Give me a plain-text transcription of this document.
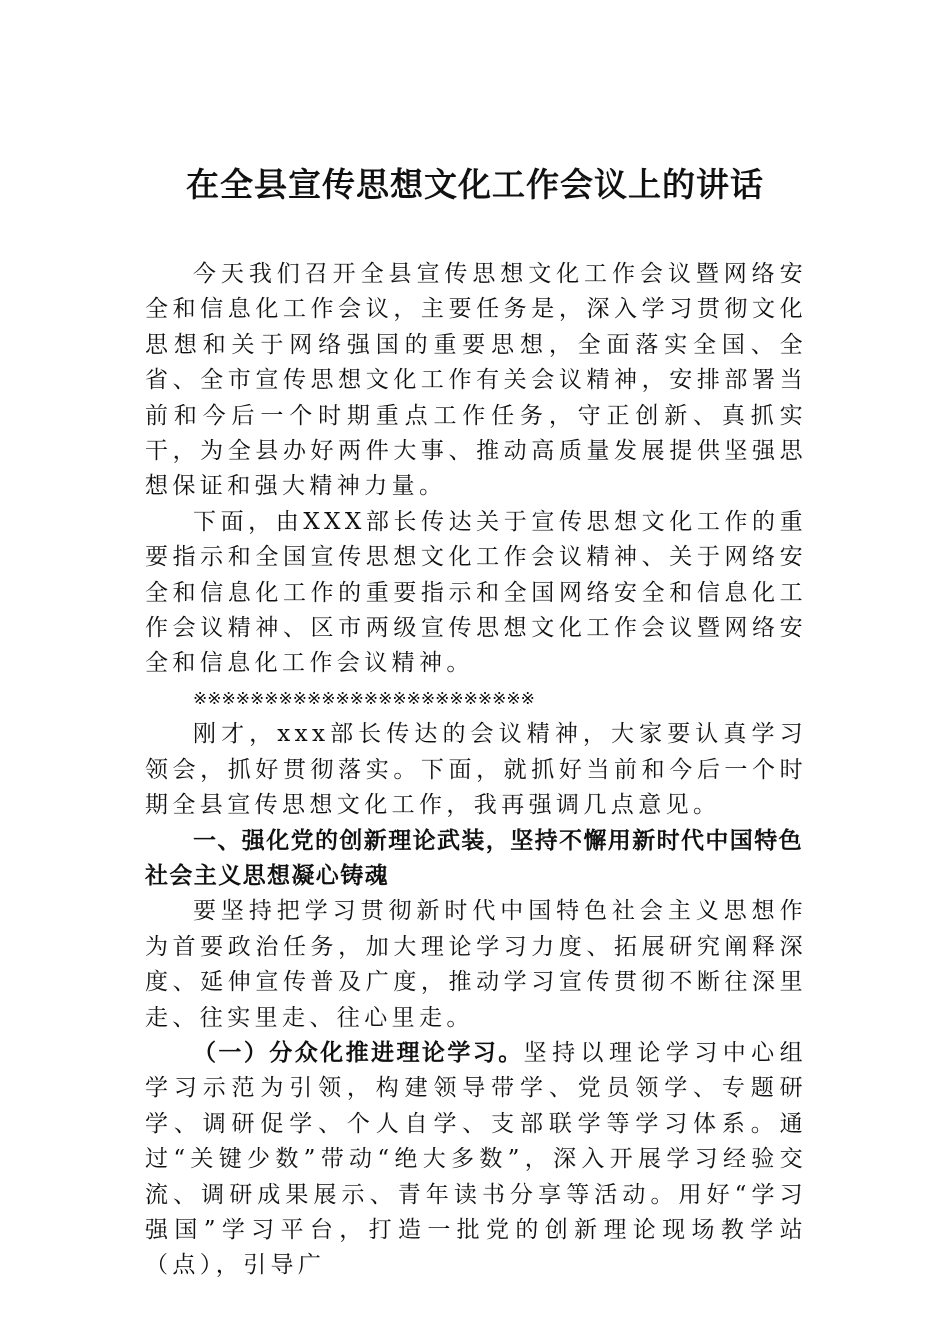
在全县宣传思想文化工作会议上的讲话

今天我们召开全县宣传思想文化工作会议暨网络安全和信息化工作会议，主要任务是，深入学习贯彻文化思想和关于网络强国的重要思想，全面落实全国、全省、全市宣传思想文化工作有关会议精神，安排部署当前和今后一个时期重点工作任务，守正创新、真抓实干，为全县办好两件大事、推动高质量发展提供坚强思想保证和强大精神力量。

下面，由XXX部长传达关于宣传思想文化工作的重要指示和全国宣传思想文化工作会议精神、关于网络安全和信息化工作的重要指示和全国网络安全和信息化工作会议精神、区市两级宣传思想文化工作会议暨网络安全和信息化工作会议精神。

※※※※※※※※※※※※※※※※※※※※※※※※

刚才，xxx部长传达的会议精神，大家要认真学习领会，抓好贯彻落实。下面，就抓好当前和今后一个时期全县宣传思想文化工作，我再强调几点意见。

一、强化党的创新理论武装，坚持不懈用新时代中国特色社会主义思想凝心铸魂

要坚持把学习贯彻新时代中国特色社会主义思想作为首要政治任务，加大理论学习力度、拓展研究阐释深度、延伸宣传普及广度，推动学习宣传贯彻不断往深里走、往实里走、往心里走。

（一）分众化推进理论学习。坚持以理论学习中心组学习示范为引领，构建领导带学、党员领学、专题研学、调研促学、个人自学、支部联学等学习体系。通过“关键少数”带动“绝大多数”，深入开展学习经验交流、调研成果展示、青年读书分享等活动。用好“学习强国”学习平台，打造一批党的创新理论现场教学站（点），引导广
